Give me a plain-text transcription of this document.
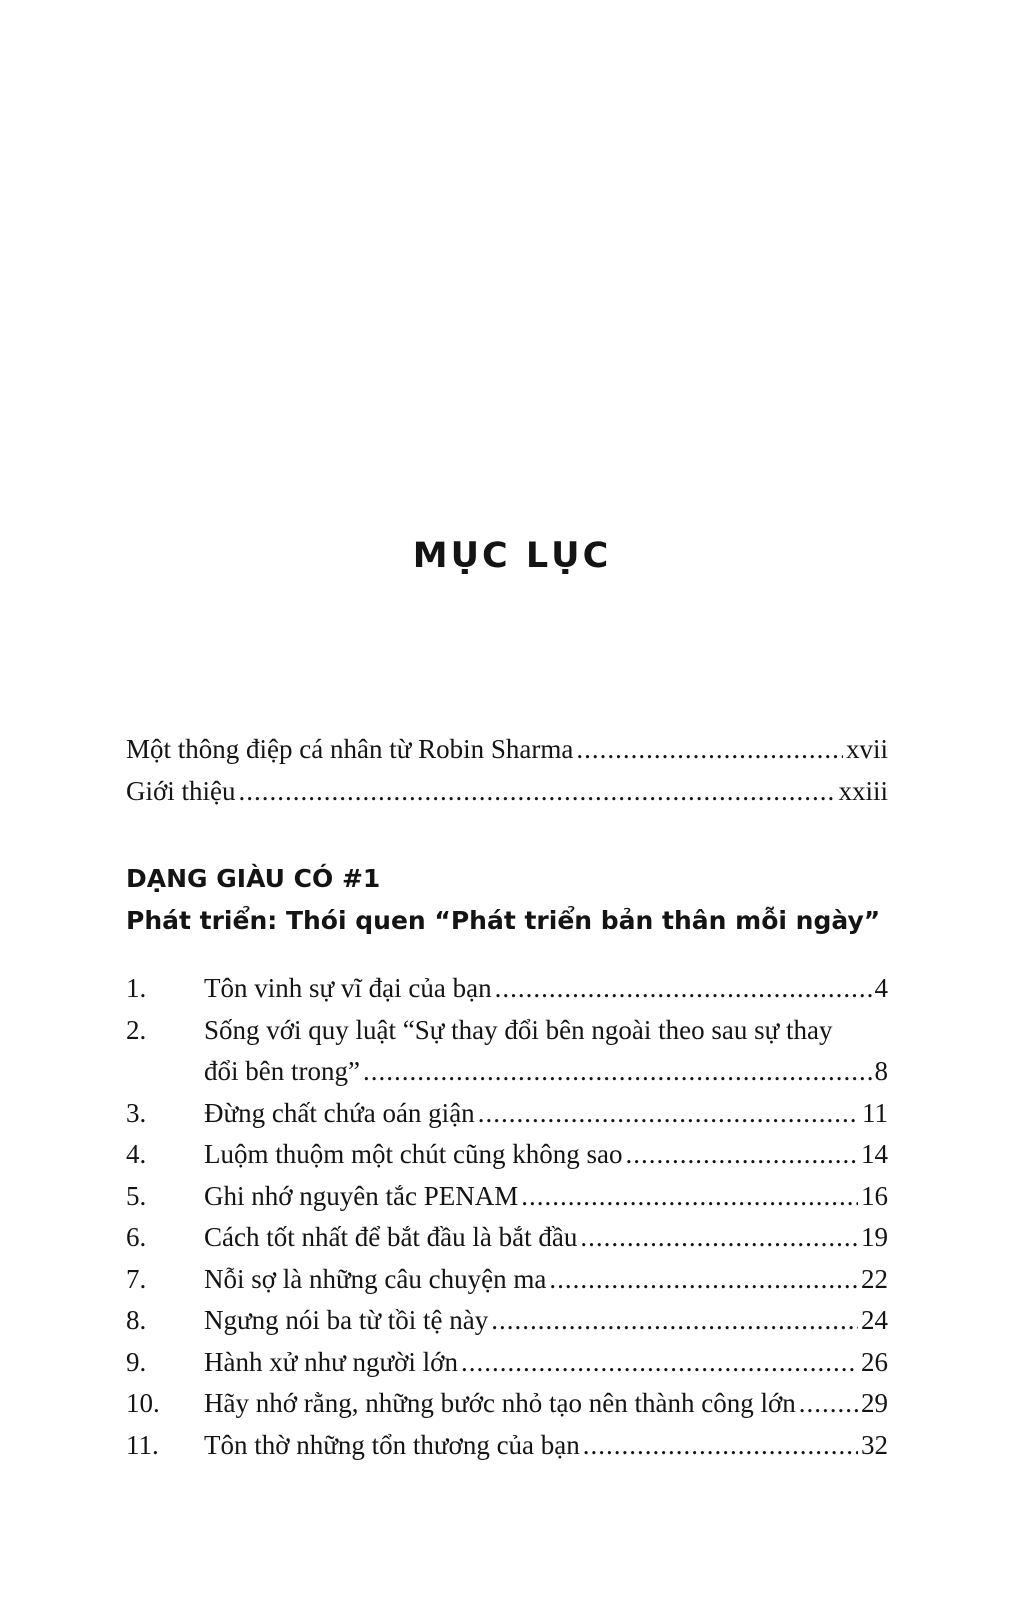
MỤC LỤC
Một thông điệp cá nhân từ Robin Sharma .....	xvii
Giới thiệu .....	xxiii
DẠNG GIÀU CÓ #1
Phát triển: Thói quen “Phát triển bản thân mỗi ngày”
1.	Tôn vinh sự vĩ đại của bạn .....	4
2.	Sống với quy luật “Sự thay đổi bên ngoài theo sau sự thay
đổi bên trong” .....	8
3.	Đừng chất chứa oán giận .....	11
4.	Luộm thuộm một chút cũng không sao .....	14
5.	Ghi nhớ nguyên tắc PENAM .....	16
6.	Cách tốt nhất để bắt đầu là bắt đầu .....	19
7.	Nỗi sợ là những câu chuyện ma .....	22
8.	Ngưng nói ba từ tồi tệ này .....	24
9.	Hành xử như người lớn .....	26
10.	Hãy nhớ rằng, những bước nhỏ tạo nên thành công lớn ..... 29
11.	Tôn thờ những tổn thương của bạn .....	32
